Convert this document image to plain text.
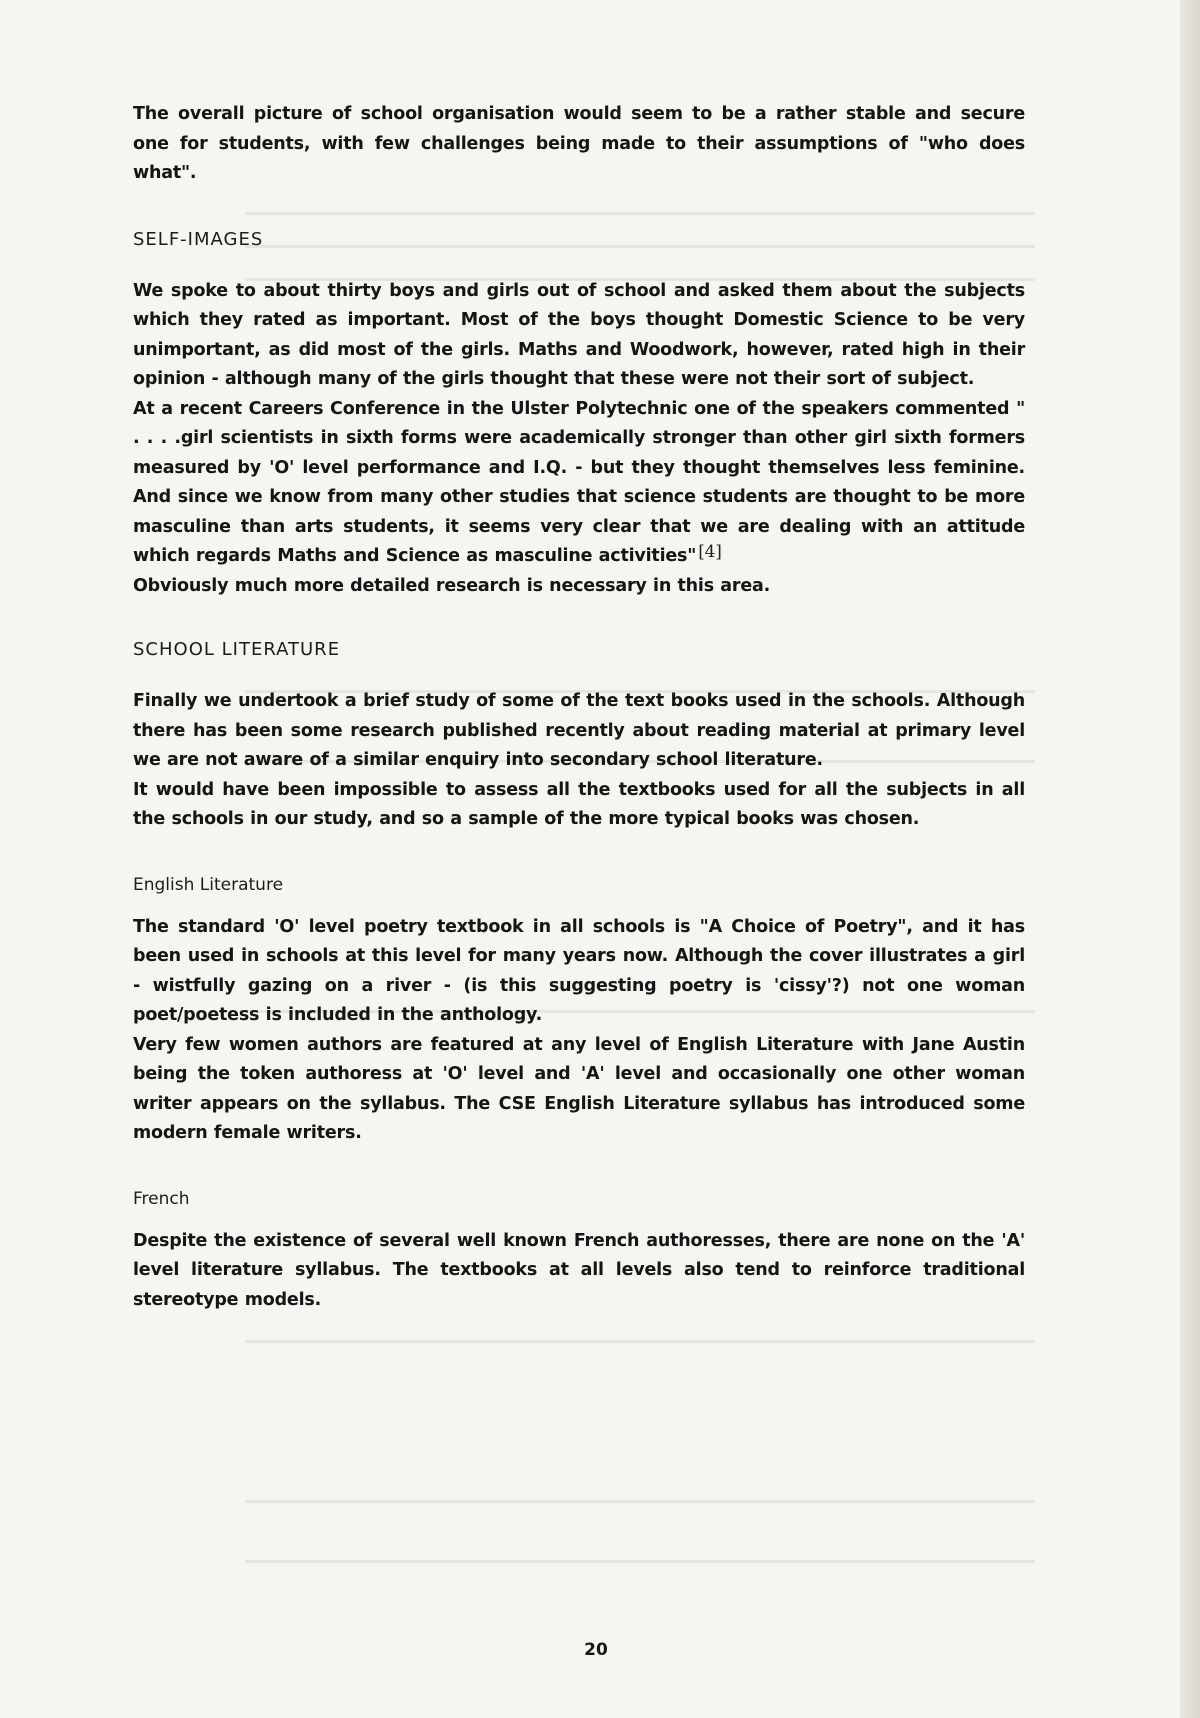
The overall picture of school organisation would seem to be a rather stable and secure one for students, with few challenges being made to their assumptions of "who does what".

SELF-IMAGES

We spoke to about thirty boys and girls out of school and asked them about the subjects which they rated as important. Most of the boys thought Domestic Science to be very unimportant, as did most of the girls. Maths and Woodwork, however, rated high in their opinion - although many of the girls thought that these were not their sort of subject.

At a recent Careers Conference in the Ulster Polytechnic one of the speakers commented " . . . .girl scientists in sixth forms were academically stronger than other girl sixth formers measured by 'O' level performance and I.Q. - but they thought themselves less feminine. And since we know from many other studies that science students are thought to be more masculine than arts students, it seems very clear that we are dealing with an attitude which regards Maths and Science as masculine activities" [4]

Obviously much more detailed research is necessary in this area.

SCHOOL LITERATURE

Finally we undertook a brief study of some of the text books used in the schools. Although there has been some research published recently about reading material at primary level we are not aware of a similar enquiry into secondary school literature.

It would have been impossible to assess all the textbooks used for all the subjects in all the schools in our study, and so a sample of the more typical books was chosen.

English Literature

The standard 'O' level poetry textbook in all schools is "A Choice of Poetry", and it has been used in schools at this level for many years now. Although the cover illustrates a girl - wistfully gazing on a river - (is this suggesting poetry is 'cissy'?) not one woman poet/poetess is included in the anthology.

Very few women authors are featured at any level of English Literature with Jane Austin being the token authoress at 'O' level and 'A' level and occasionally one other woman writer appears on the syllabus. The CSE English Literature syllabus has introduced some modern female writers.

French

Despite the existence of several well known French authoresses, there are none on the 'A' level literature syllabus. The textbooks at all levels also tend to reinforce traditional stereotype models.

20
